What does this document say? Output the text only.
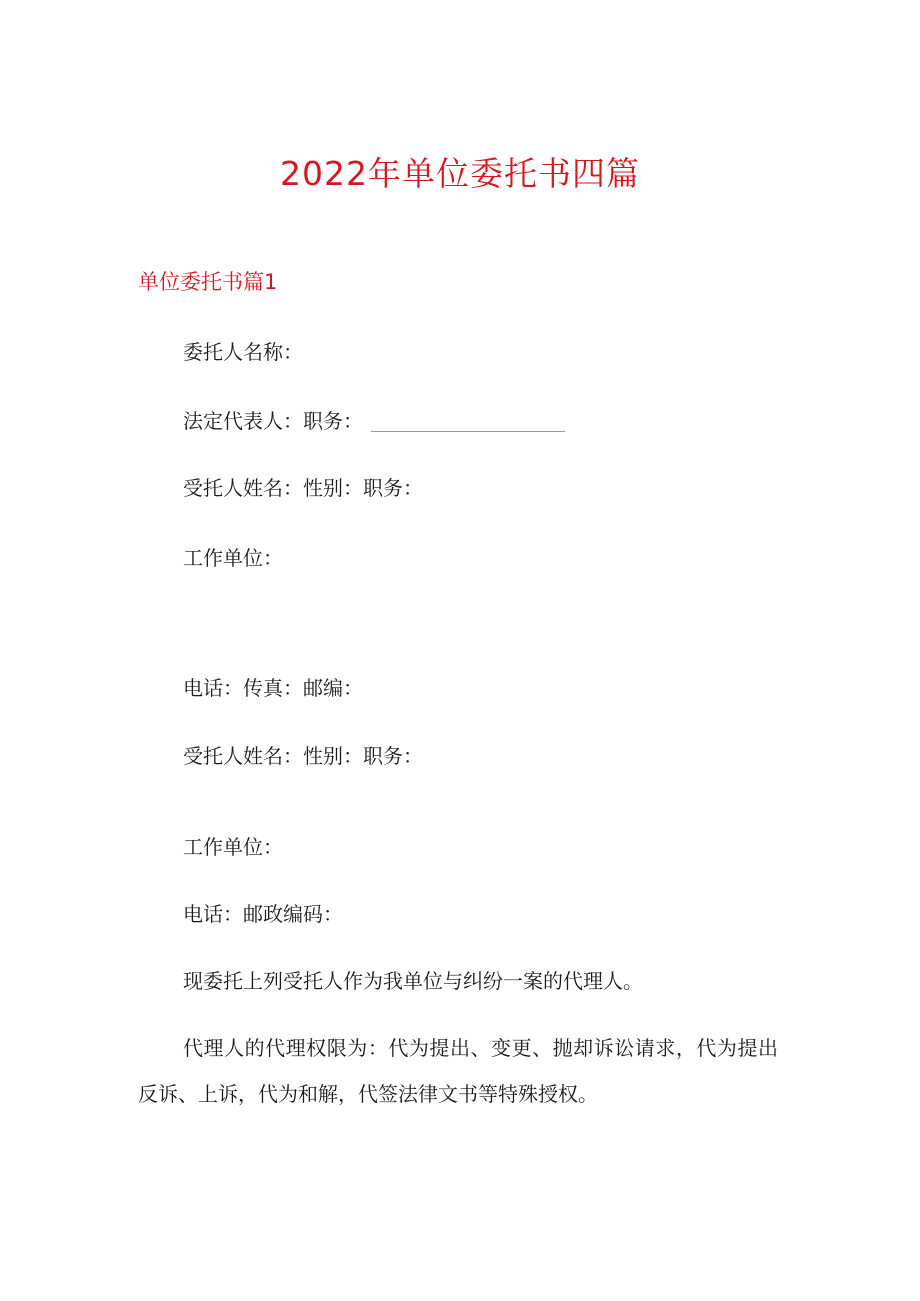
2022年单位委托书四篇
单位委托书篇1
委托人名称：
法定代表人：职务：
受托人姓名：性别：职务：
工作单位：
电话：传真：邮编：
受托人姓名：性别：职务：
工作单位：
电话：邮政编码：
现委托上列受托人作为我单位与纠纷一案的代理人。
代理人的代理权限为：代为提出、变更、抛却诉讼请求，代为提出反诉、上诉，代为和解，代签法律文书等特殊授权。
